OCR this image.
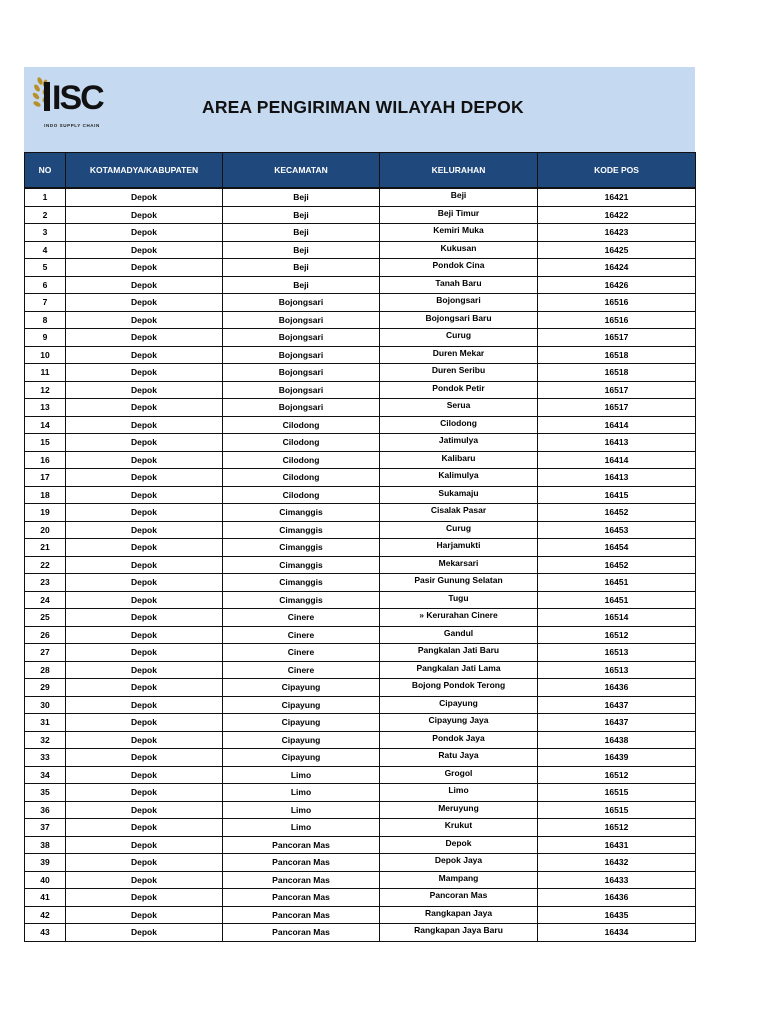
ISC
INDO SUPPLY CHAIN
AREA PENGIRIMAN WILAYAH DEPOK
NO	KOTAMADYA/KABUPATEN	KECAMATAN	KELURAHAN	KODE POS
1	Depok	Beji	Beji	16421
2	Depok	Beji	Beji Timur	16422
3	Depok	Beji	Kemiri Muka	16423
4	Depok	Beji	Kukusan	16425
5	Depok	Beji	Pondok Cina	16424
6	Depok	Beji	Tanah Baru	16426
7	Depok	Bojongsari	Bojongsari	16516
8	Depok	Bojongsari	Bojongsari Baru	16516
9	Depok	Bojongsari	Curug	16517
10	Depok	Bojongsari	Duren Mekar	16518
11	Depok	Bojongsari	Duren Seribu	16518
12	Depok	Bojongsari	Pondok Petir	16517
13	Depok	Bojongsari	Serua	16517
14	Depok	Cilodong	Cilodong	16414
15	Depok	Cilodong	Jatimulya	16413
16	Depok	Cilodong	Kalibaru	16414
17	Depok	Cilodong	Kalimulya	16413
18	Depok	Cilodong	Sukamaju	16415
19	Depok	Cimanggis	Cisalak Pasar	16452
20	Depok	Cimanggis	Curug	16453
21	Depok	Cimanggis	Harjamukti	16454
22	Depok	Cimanggis	Mekarsari	16452
23	Depok	Cimanggis	Pasir Gunung Selatan	16451
24	Depok	Cimanggis	Tugu	16451
25	Depok	Cinere	» Kerurahan Cinere	16514
26	Depok	Cinere	Gandul	16512
27	Depok	Cinere	Pangkalan Jati Baru	16513
28	Depok	Cinere	Pangkalan Jati Lama	16513
29	Depok	Cipayung	Bojong Pondok Terong	16436
30	Depok	Cipayung	Cipayung	16437
31	Depok	Cipayung	Cipayung Jaya	16437
32	Depok	Cipayung	Pondok Jaya	16438
33	Depok	Cipayung	Ratu Jaya	16439
34	Depok	Limo	Grogol	16512
35	Depok	Limo	Limo	16515
36	Depok	Limo	Meruyung	16515
37	Depok	Limo	Krukut	16512
38	Depok	Pancoran Mas	Depok	16431
39	Depok	Pancoran Mas	Depok Jaya	16432
40	Depok	Pancoran Mas	Mampang	16433
41	Depok	Pancoran Mas	Pancoran Mas	16436
42	Depok	Pancoran Mas	Rangkapan Jaya	16435
43	Depok	Pancoran Mas	Rangkapan Jaya Baru	16434
